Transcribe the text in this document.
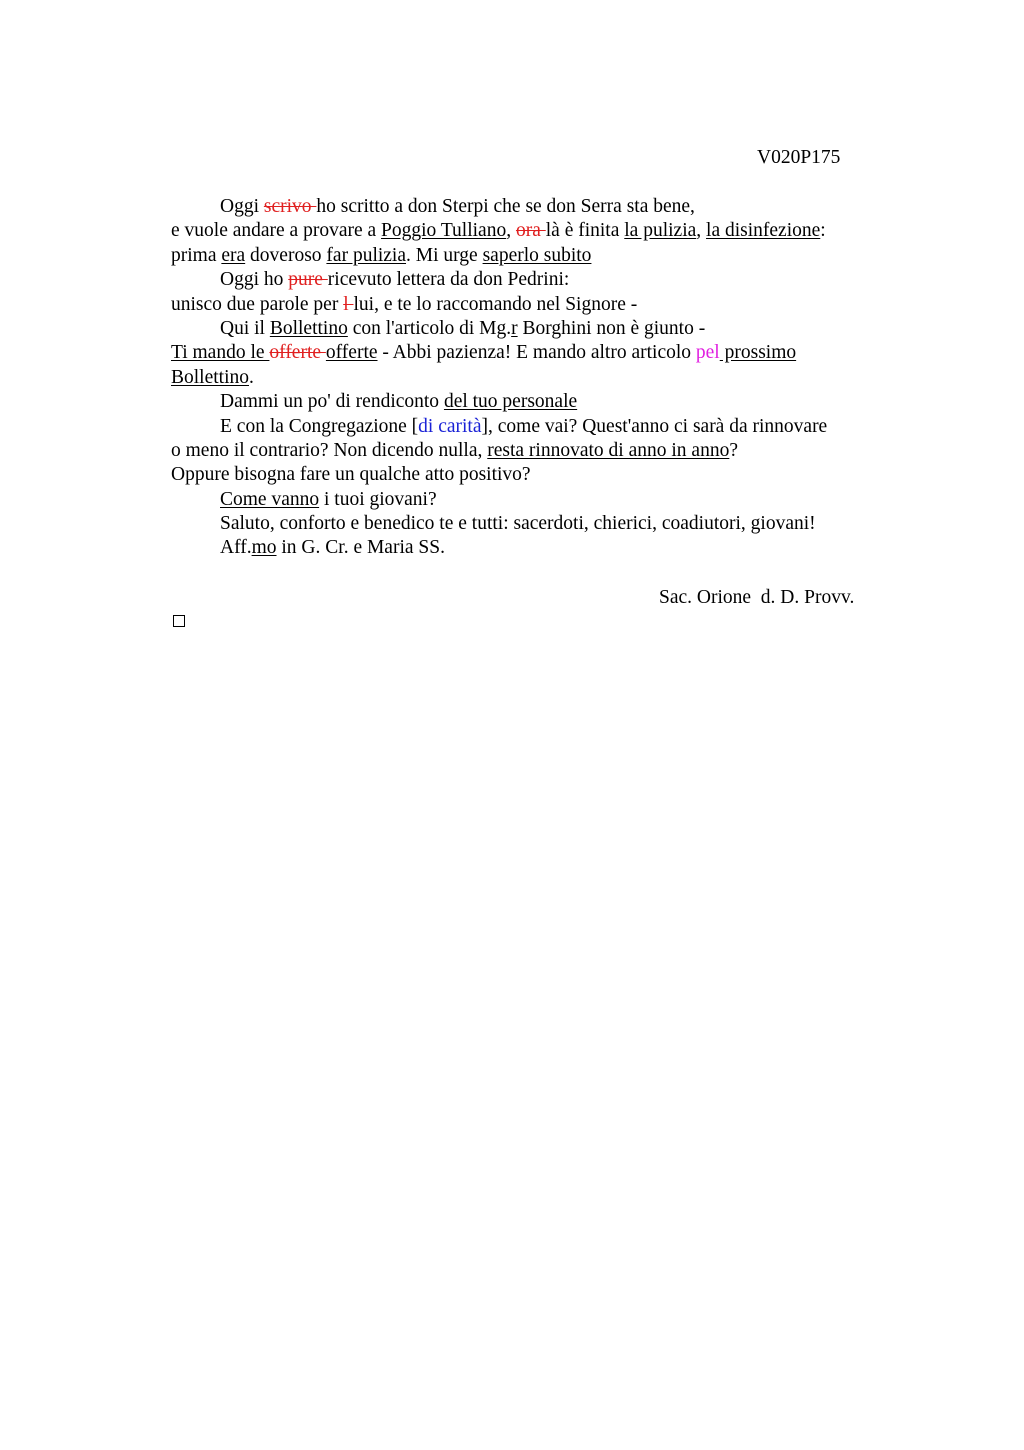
V020P175
Oggi scrivo ho scritto a don Sterpi che se don Serra sta bene,
e vuole andare a provare a Poggio Tulliano, ora là è finita la pulizia, la disinfezione:
prima era doveroso far pulizia. Mi urge saperlo subito
Oggi ho pure ricevuto lettera da don Pedrini:
unisco due parole per l lui, e te lo raccomando nel Signore -
Qui il Bollettino con l'articolo di Mg.r Borghini non è giunto -
Ti mando le offerte offerte - Abbi pazienza! E mando altro articolo pel prossimo
Bollettino.
Dammi un po' di rendiconto del tuo personale
E con la Congregazione [di carità], come vai? Quest'anno ci sarà da rinnovare
o meno il contrario? Non dicendo nulla, resta rinnovato di anno in anno?
Oppure bisogna fare un qualche atto positivo?
Come vanno i tuoi giovani?
Saluto, conforto e benedico te e tutti: sacerdoti, chierici, coadiutori, giovani!
Aff.mo in G. Cr. e Maria SS.
Sac. Orione  d. D. Provv.
